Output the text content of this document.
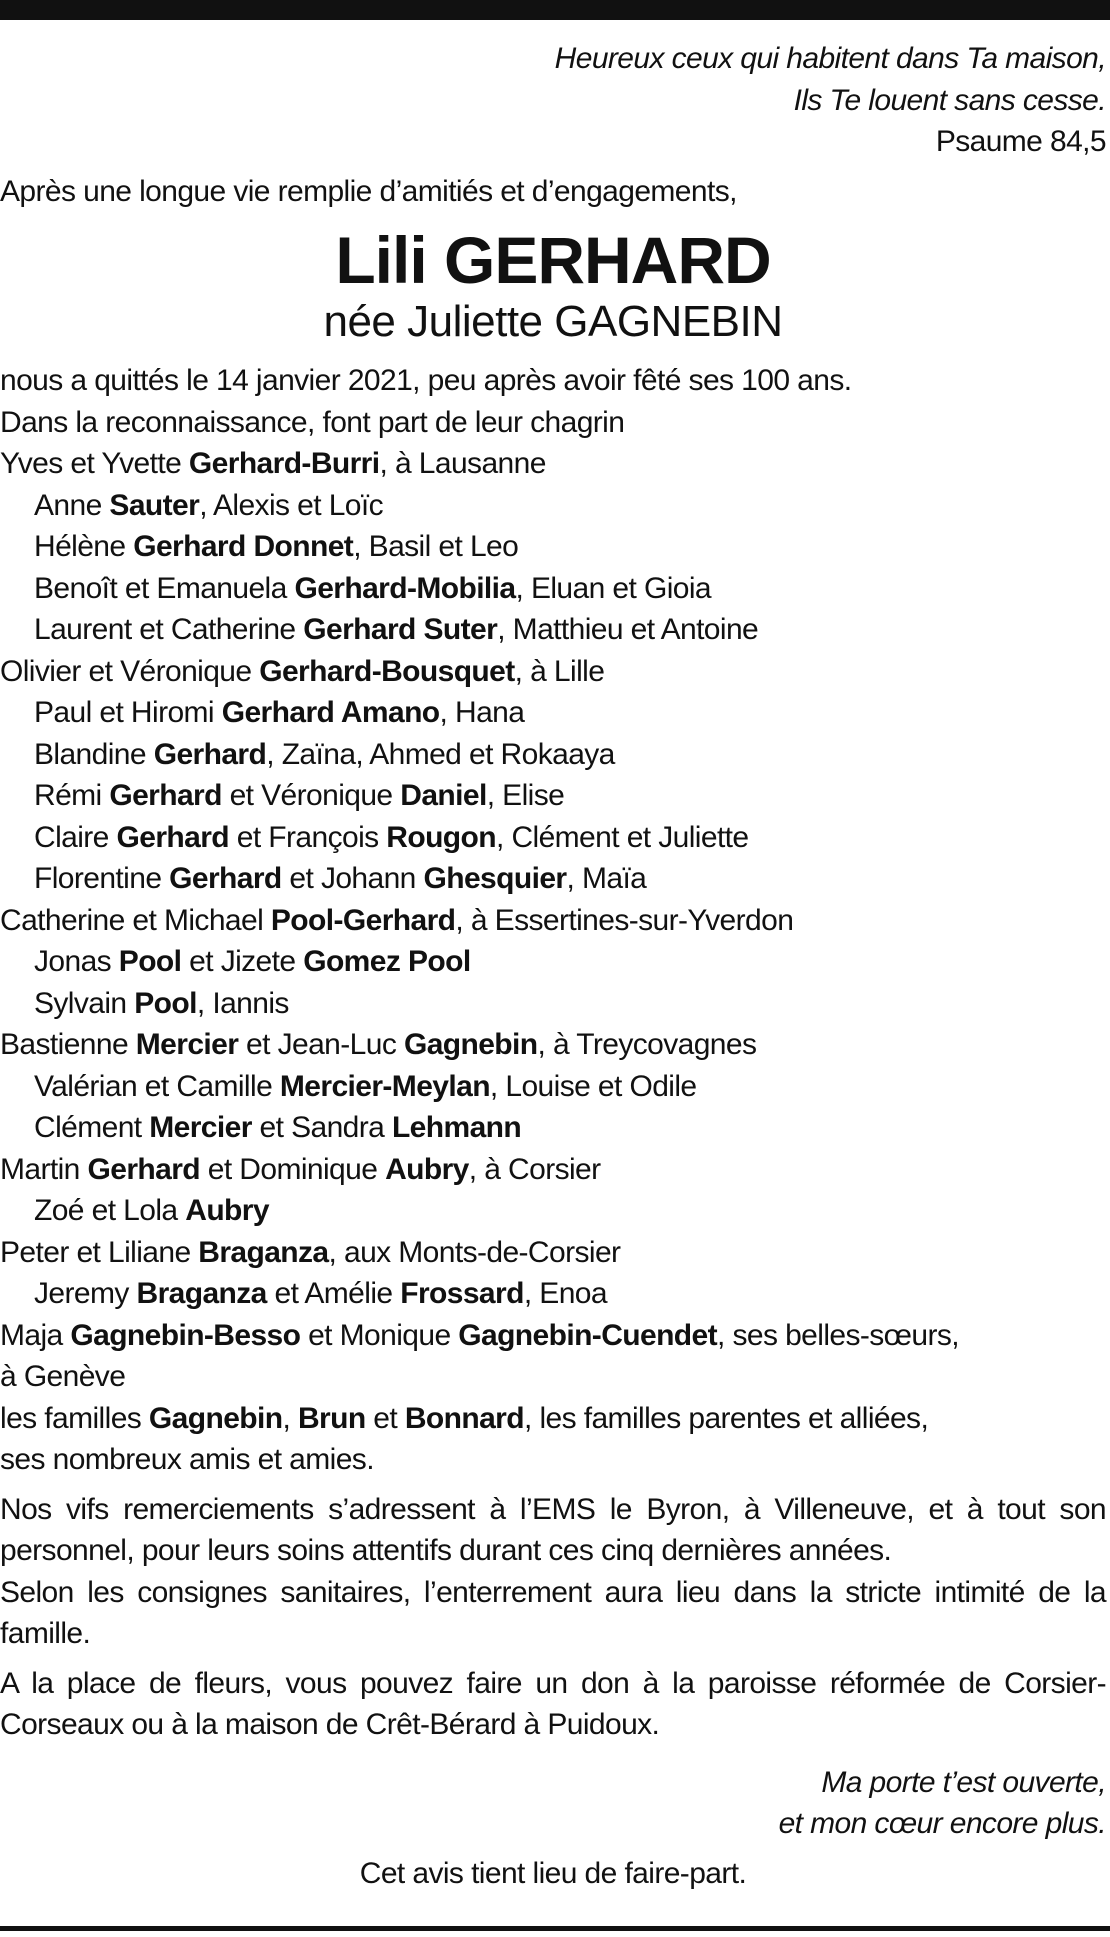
Heureux ceux qui habitent dans Ta maison,
Ils Te louent sans cesse.
Psaume 84,5
Après une longue vie remplie d’amitiés et d’engagements,
Lili GERHARD
née Juliette GAGNEBIN
nous a quittés le 14 janvier 2021, peu après avoir fêté ses 100 ans.
Dans la reconnaissance, font part de leur chagrin
Yves et Yvette Gerhard-Burri, à Lausanne
Anne Sauter, Alexis et Loïc
Hélène Gerhard Donnet, Basil et Leo
Benoît et Emanuela Gerhard-Mobilia, Eluan et Gioia
Laurent et Catherine Gerhard Suter, Matthieu et Antoine
Olivier et Véronique Gerhard-Bousquet, à Lille
Paul et Hiromi Gerhard Amano, Hana
Blandine Gerhard, Zaïna, Ahmed et Rokaaya
Rémi Gerhard et Véronique Daniel, Elise
Claire Gerhard et François Rougon, Clément et Juliette
Florentine Gerhard et Johann Ghesquier, Maïa
Catherine et Michael Pool-Gerhard, à Essertines-sur-Yverdon
Jonas Pool et Jizete Gomez Pool
Sylvain Pool, Iannis
Bastienne Mercier et Jean-Luc Gagnebin, à Treycovagnes
Valérian et Camille Mercier-Meylan, Louise et Odile
Clément Mercier et Sandra Lehmann
Martin Gerhard et Dominique Aubry, à Corsier
Zoé et Lola Aubry
Peter et Liliane Braganza, aux Monts-de-Corsier
Jeremy Braganza et Amélie Frossard, Enoa
Maja Gagnebin-Besso et Monique Gagnebin-Cuendet, ses belles-sœurs,
à Genève
les familles Gagnebin, Brun et Bonnard, les familles parentes et alliées,
ses nombreux amis et amies.
Nos vifs remerciements s’adressent à l’EMS le Byron, à Villeneuve, et à tout son personnel, pour leurs soins attentifs durant ces cinq dernières années.
Selon les consignes sanitaires, l’enterrement aura lieu dans la stricte intimité de la famille.
A la place de fleurs, vous pouvez faire un don à la paroisse réformée de Corsier-Corseaux ou à la maison de Crêt-Bérard à Puidoux.
Ma porte t’est ouverte,
et mon cœur encore plus.
Cet avis tient lieu de faire-part.
